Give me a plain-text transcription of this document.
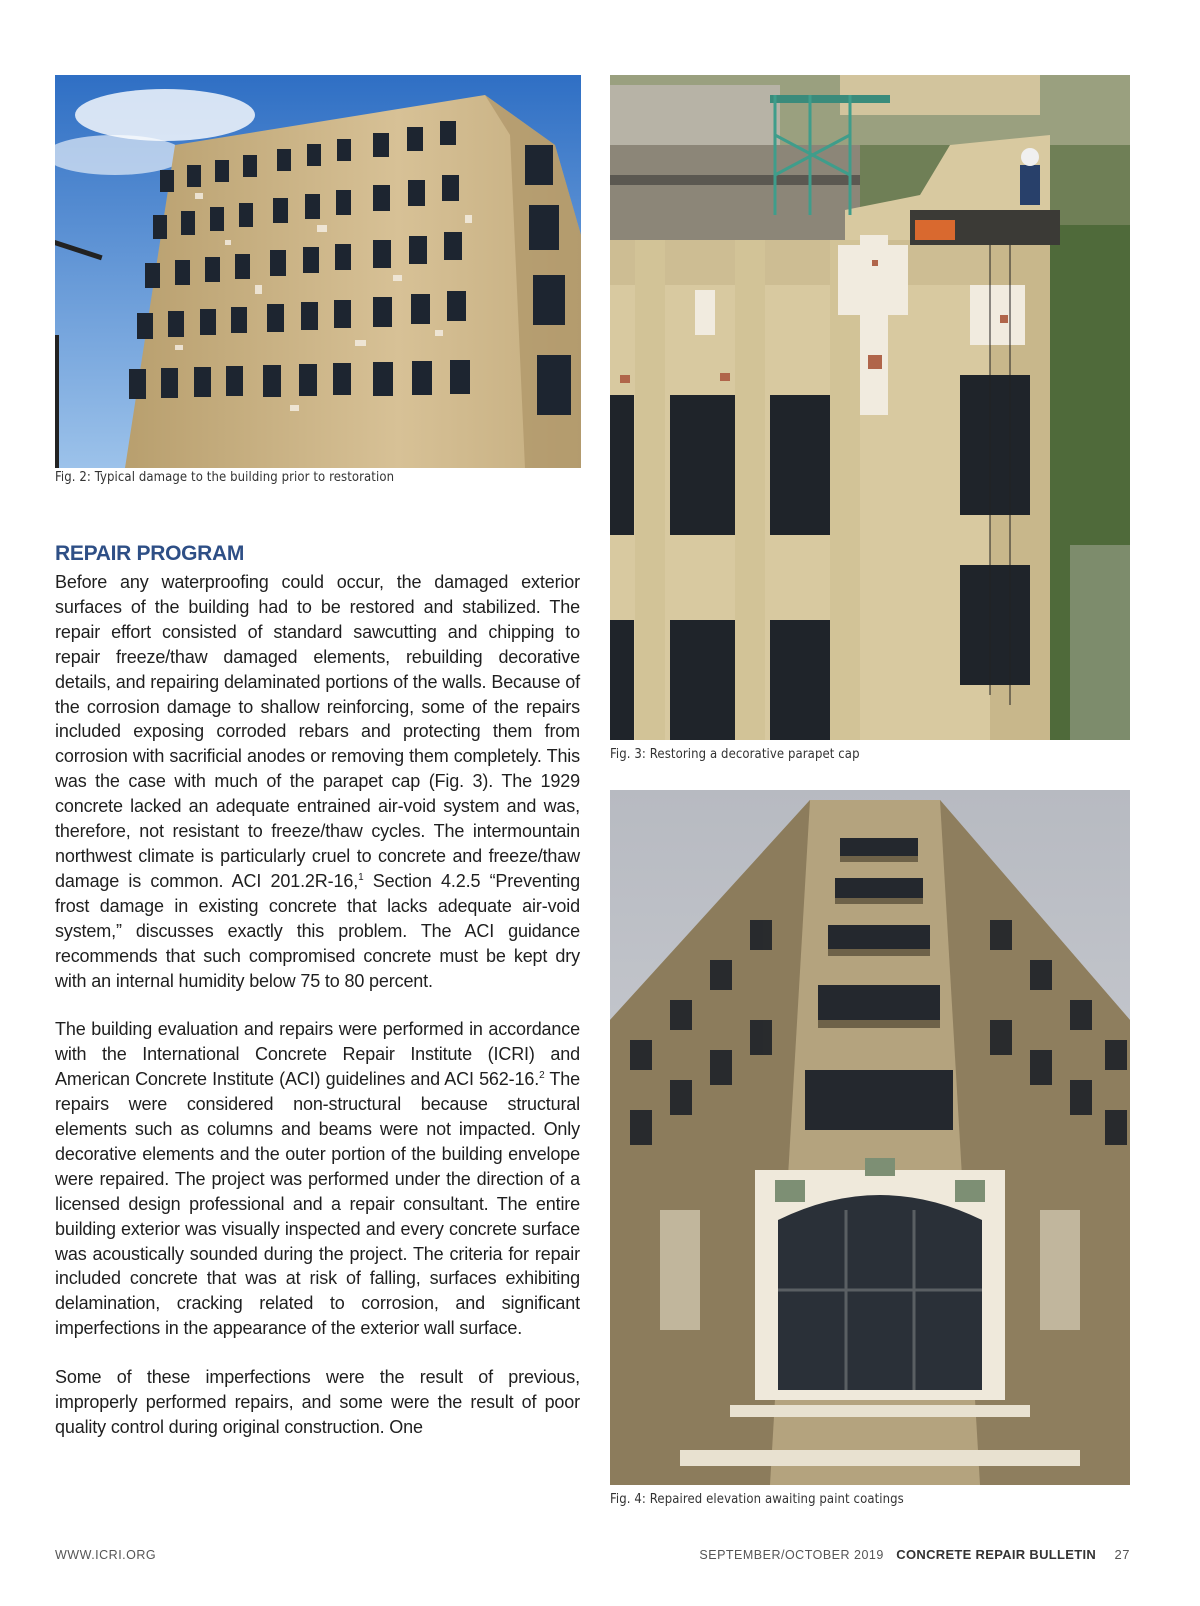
Fig. 2: Typical damage to the building prior to restoration
Fig. 3: Restoring a decorative parapet cap
Fig. 4: Repaired elevation awaiting paint coatings
REPAIR PROGRAM

Before any waterproofing could occur, the damaged exterior surfaces of the building had to be restored and stabilized. The repair effort consisted of standard sawcutting and chipping to repair freeze/thaw damaged elements, rebuilding decorative details, and repairing delaminated portions of the walls. Because of the corrosion damage to shallow reinforcing, some of the repairs included exposing corroded rebars and protecting them from corrosion with sacrificial anodes or removing them completely. This was the case with much of the parapet cap (Fig. 3). The 1929 concrete lacked an adequate entrained air-void system and was, therefore, not resistant to freeze/thaw cycles. The intermountain northwest climate is particularly cruel to concrete and freeze/thaw damage is common. ACI 201.2R-16,$^1$ Section 4.2.5 “Preventing frost damage in existing concrete that lacks adequate air-void system,” discusses exactly this problem. The ACI guidance recommends that such compromised concrete must be kept dry with an internal humidity below 75 to 80 percent.

The building evaluation and repairs were performed in accordance with the International Concrete Repair Institute (ICRI) and American Concrete Institute (ACI) guidelines and ACI 562-16.$^2$ The repairs were considered non-structural because structural elements such as columns and beams were not impacted. Only decorative elements and the outer portion of the building envelope were repaired. The project was performed under the direction of a licensed design professional and a repair consultant. The entire building exterior was visually inspected and every concrete surface was acoustically sounded during the project. The criteria for repair included concrete that was at risk of falling, surfaces exhibiting delamination, cracking related to corrosion, and significant imperfections in the appearance of the exterior wall surface.

Some of these imperfections were the result of previous, improperly performed repairs, and some were the result of poor quality control during original construction. One

WWW.ICRI.ORG	SEPTEMBER/OCTOBER 2019 CONCRETE REPAIR BULLETIN 27
